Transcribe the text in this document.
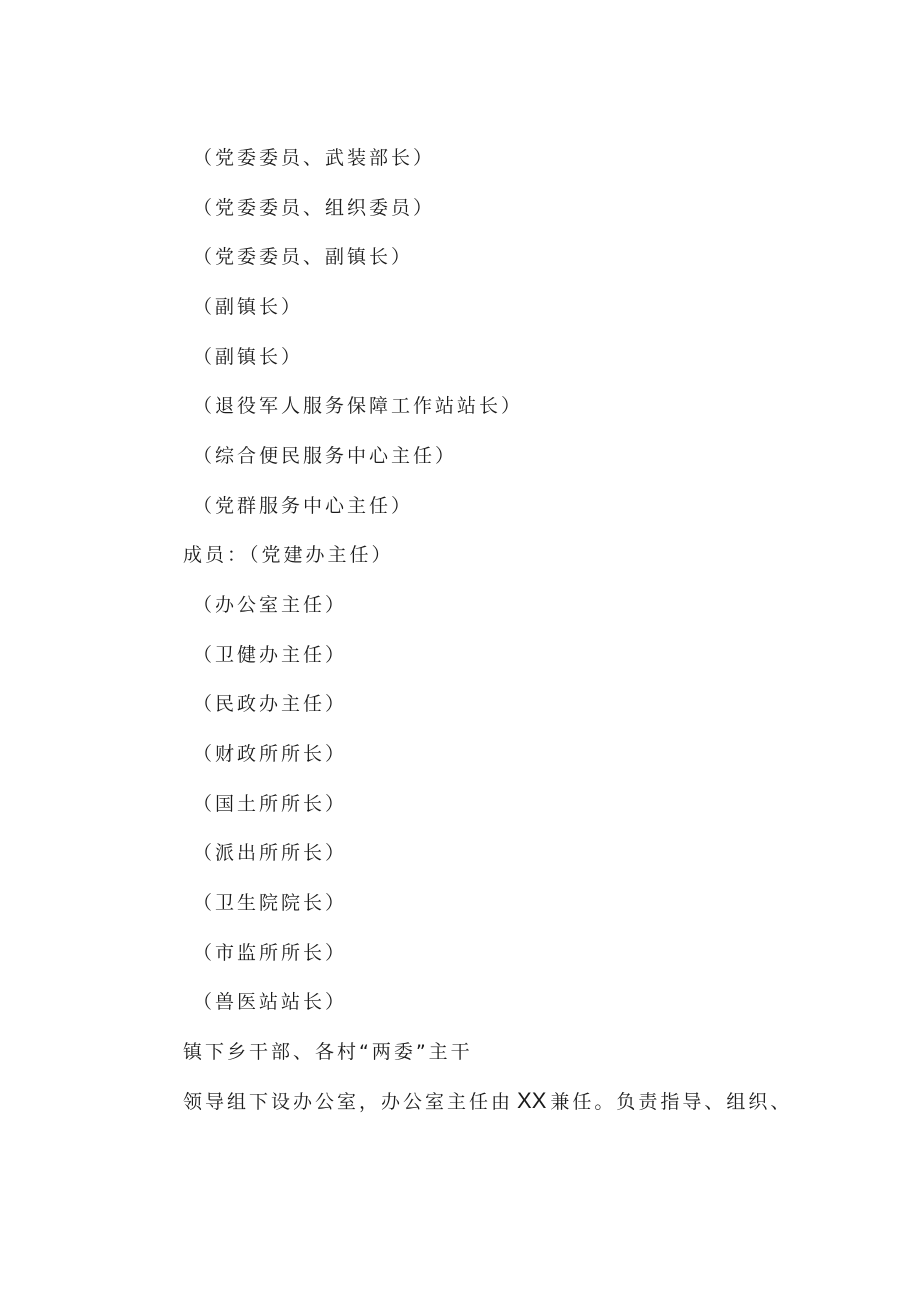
（党委委员、武装部长）
（党委委员、组织委员）
（党委委员、副镇长）
（副镇长）
（副镇长）
（退役军人服务保障工作站站长）
（综合便民服务中心主任）
（党群服务中心主任）
成员：（党建办主任）
（办公室主任）
（卫健办主任）
（民政办主任）
（财政所所长）
（国土所所长）
（派出所所长）
（卫生院院长）
（市监所所长）
（兽医站站长）
镇下乡干部、各村“两委”主干
领导组下设办公室，办公室主任由 XX 兼任。负责指导、组织、
